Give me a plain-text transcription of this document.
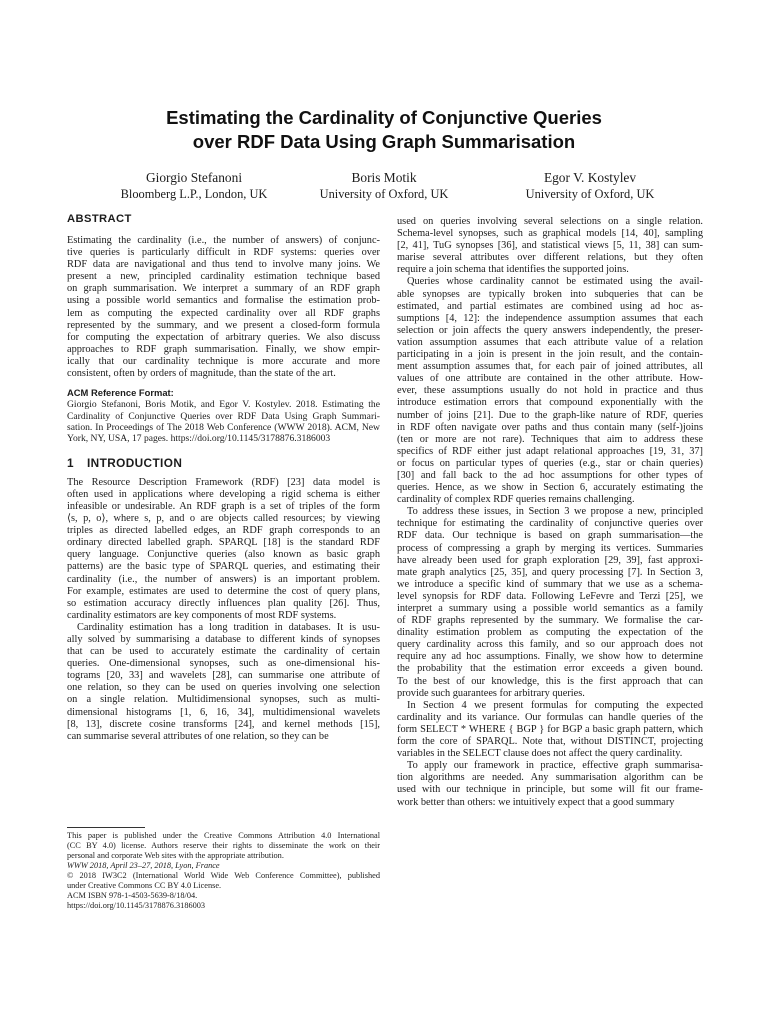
Estimating the Cardinality of Conjunctive Queries
over RDF Data Using Graph Summarisation
Giorgio Stefanoni
Bloomberg L.P., London, UK
Boris Motik
University of Oxford, UK
Egor V. Kostylev
University of Oxford, UK
ABSTRACT
Estimating the cardinality (i.e., the number of answers) of conjunc-
tive queries is particularly difficult in RDF systems: queries over
RDF data are navigational and thus tend to involve many joins. We
present a new, principled cardinality estimation technique based
on graph summarisation. We interpret a summary of an RDF graph
using a possible world semantics and formalise the estimation prob-
lem as computing the expected cardinality over all RDF graphs
represented by the summary, and we present a closed-form formula
for computing the expectation of arbitrary queries. We also discuss
approaches to RDF graph summarisation. Finally, we show empir-
ically that our cardinality technique is more accurate and more
consistent, often by orders of magnitude, than the state of the art.
ACM Reference Format:
Giorgio Stefanoni, Boris Motik, and Egor V. Kostylev. 2018. Estimating the
Cardinality of Conjunctive Queries over RDF Data Using Graph Summari-
sation. In Proceedings of The 2018 Web Conference (WWW 2018). ACM, New
York, NY, USA, 17 pages. https://doi.org/10.1145/3178876.3186003
1 INTRODUCTION
The Resource Description Framework (RDF) [23] data model is
often used in applications where developing a rigid schema is either
infeasible or undesirable. An RDF graph is a set of triples of the form
⟨s, p, o⟩, where s, p, and o are objects called resources; by viewing
triples as directed labelled edges, an RDF graph corresponds to an
ordinary directed labelled graph. SPARQL [18] is the standard RDF
query language. Conjunctive queries (also known as basic graph
patterns) are the basic type of SPARQL queries, and estimating their
cardinality (i.e., the number of answers) is an important problem.
For example, estimates are used to determine the cost of query plans,
so estimation accuracy directly influences plan quality [26]. Thus,
cardinality estimators are key components of most RDF systems.
Cardinality estimation has a long tradition in databases. It is usu-
ally solved by summarising a database to different kinds of synopses
that can be used to accurately estimate the cardinality of certain
queries. One-dimensional synopses, such as one-dimensional his-
tograms [20, 33] and wavelets [28], can summarise one attribute of
one relation, so they can be used on queries involving one selection
on a single relation. Multidimensional synopses, such as multi-
dimensional histograms [1, 6, 16, 34], multidimensional wavelets
[8, 13], discrete cosine transforms [24], and kernel methods [15],
can summarise several attributes of one relation, so they can be
This paper is published under the Creative Commons Attribution 4.0 International
(CC BY 4.0) license. Authors reserve their rights to disseminate the work on their
personal and corporate Web sites with the appropriate attribution.
WWW 2018, April 23–27, 2018, Lyon, France
© 2018 IW3C2 (International World Wide Web Conference Committee), published
under Creative Commons CC BY 4.0 License.
ACM ISBN 978-1-4503-5639-8/18/04.
https://doi.org/10.1145/3178876.3186003
used on queries involving several selections on a single relation.
Schema-level synopses, such as graphical models [14, 40], sampling
[2, 41], TuG synopses [36], and statistical views [5, 11, 38] can sum-
marise several attributes over different relations, but they often
require a join schema that identifies the supported joins.
Queries whose cardinality cannot be estimated using the avail-
able synopses are typically broken into subqueries that can be
estimated, and partial estimates are combined using ad hoc as-
sumptions [4, 12]: the independence assumption assumes that each
selection or join affects the query answers independently, the preser-
vation assumption assumes that each attribute value of a relation
participating in a join is present in the join result, and the contain-
ment assumption assumes that, for each pair of joined attributes, all
values of one attribute are contained in the other attribute. How-
ever, these assumptions usually do not hold in practice and thus
introduce estimation errors that compound exponentially with the
number of joins [21]. Due to the graph-like nature of RDF, queries
in RDF often navigate over paths and thus contain many (self-)joins
(ten or more are not rare). Techniques that aim to address these
specifics of RDF either just adapt relational approaches [19, 31, 37]
or focus on particular types of queries (e.g., star or chain queries)
[30] and fall back to the ad hoc assumptions for other types of
queries. Hence, as we show in Section 6, accurately estimating the
cardinality of complex RDF queries remains challenging.
To address these issues, in Section 3 we propose a new, principled
technique for estimating the cardinality of conjunctive queries over
RDF data. Our technique is based on graph summarisation—the
process of compressing a graph by merging its vertices. Summaries
have already been used for graph exploration [29, 39], fast approxi-
mate graph analytics [25, 35], and query processing [7]. In Section 3,
we introduce a specific kind of summary that we use as a schema-
level synopsis for RDF data. Following LeFevre and Terzi [25], we
interpret a summary using a possible world semantics as a family
of RDF graphs represented by the summary. We formalise the car-
dinality estimation problem as computing the expectation of the
query cardinality across this family, and so our approach does not
require any ad hoc assumptions. Finally, we show how to determine
the probability that the estimation error exceeds a given bound.
To the best of our knowledge, this is the first approach that can
provide such guarantees for arbitrary queries.
In Section 4 we present formulas for computing the expected
cardinality and its variance. Our formulas can handle queries of the
form SELECT * WHERE { BGP } for BGP a basic graph pattern, which
form the core of SPARQL. Note that, without DISTINCT, projecting
variables in the SELECT clause does not affect the query cardinality.
To apply our framework in practice, effective graph summarisa-
tion algorithms are needed. Any summarisation algorithm can be
used with our technique in principle, but some will fit our frame-
work better than others: we intuitively expect that a good summary
